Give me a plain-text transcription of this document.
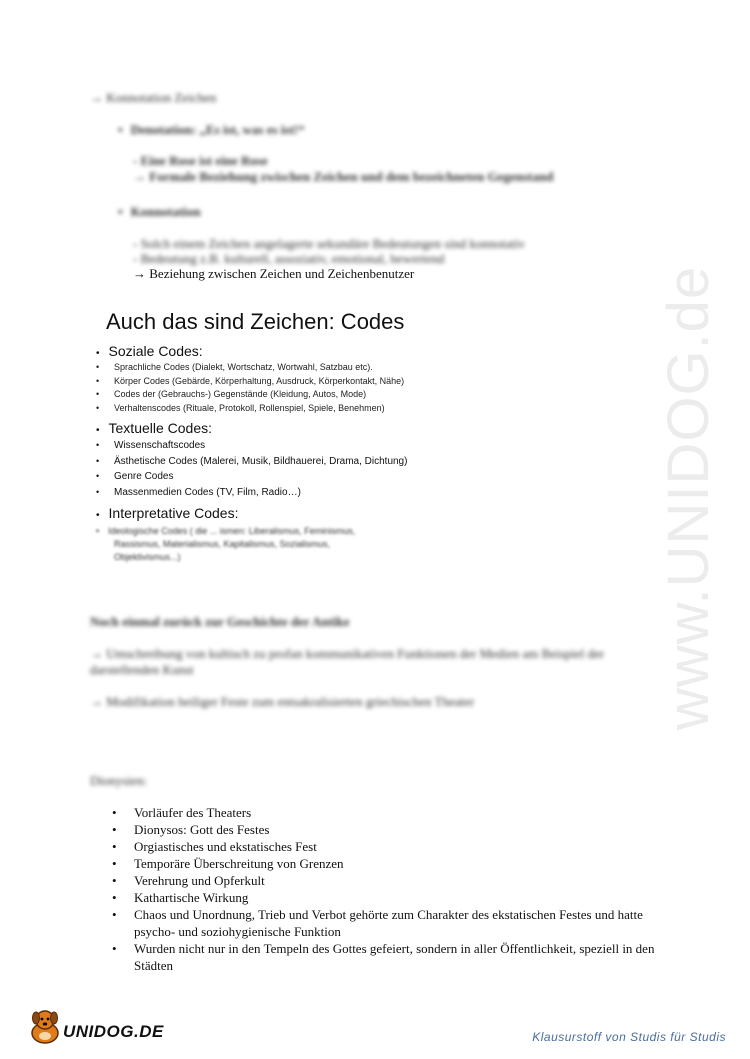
www.UNIDOG.de
→ Konnotation Zeichen
• Denotation: „Es ist, was es ist!“
- Eine Rose ist eine Rose
→ Formale Beziehung zwischen Zeichen und dem bezeichneten Gegenstand
• Konnotation
- Solch einem Zeichen angelagerte sekundäre Bedeutungen sind konnotativ
- Bedeutung z.B. kulturell, assoziativ, emotional, bewertend
→ Beziehung zwischen Zeichen und Zeichenbenutzer
Auch das sind Zeichen: Codes
• Soziale Codes:
• Sprachliche Codes (Dialekt, Wortschatz, Wortwahl, Satzbau etc).
• Körper Codes (Gebärde, Körperhaltung, Ausdruck, Körperkontakt, Nähe)
• Codes der (Gebrauchs-) Gegenstände (Kleidung, Autos, Mode)
• Verhaltenscodes (Rituale, Protokoll, Rollenspiel, Spiele, Benehmen)
• Textuelle Codes:
• Wissenschaftscodes
• Ästhetische Codes (Malerei, Musik, Bildhauerei, Drama, Dichtung)
• Genre Codes
• Massenmedien Codes (TV, Film, Radio…)
• Interpretative Codes:
• Ideologische Codes ( die ... ismen: Liberalismus, Feminismus,
Rassismus, Materialismus, Kapitalismus, Sozialismus,
Objektivismus...)
Noch einmal zurück zur Geschichte der Antike
→ Umschreibung von kultisch zu profan kommunikativen Funktionen der Medien am Beispiel der
darstellenden Kunst
→ Modifikation heiliger Feste zum entsakralisierten griechischen Theater
Dionysien:
• Vorläufer des Theaters
• Dionysos: Gott des Festes
• Orgiastisches und ekstatisches Fest
• Temporäre Überschreitung von Grenzen
• Verehrung und Opferkult
• Kathartische Wirkung
• Chaos und Unordnung, Trieb und Verbot gehörte zum Charakter des ekstatischen Festes und hatte psycho- und soziohygienische Funktion
• Wurden nicht nur in den Tempeln des Gottes gefeiert, sondern in aller Öffentlichkeit, speziell in den Städten
UNIDOG.DE	Klausurstoff von Studis für Studis
